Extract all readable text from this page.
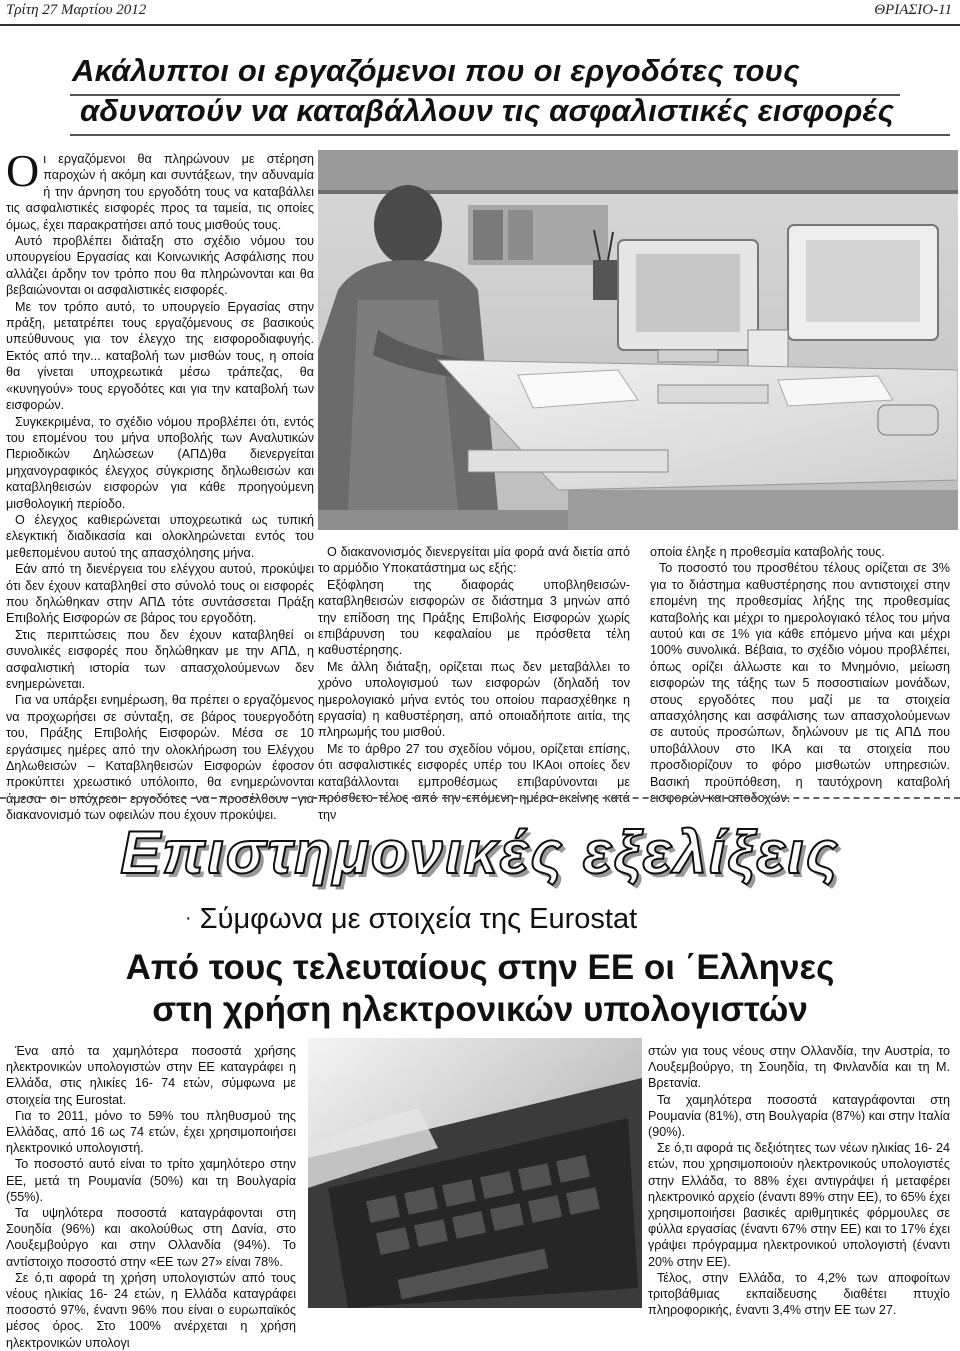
Τρίτη 27 Μαρτίου 2012	ΘΡΙΑΣΙΟ-11
Ακάλυπτοι οι εργαζόμενοι που οι εργοδότες τους
αδυνατούν να καταβάλλουν τις ασφαλιστικές εισφορές

Oι εργαζόμενοι θα πληρώνουν με στέρηση παροχών ή ακόμη και συντάξεων, την αδυναμία ή την άρνηση του εργοδότη τους να καταβάλλει τις ασφαλιστικές εισφορές προς τα ταμεία, τις οποίες όμως, έχει παρακρατήσει από τους μισθούς τους.

Αυτό προβλέπει διάταξη στο σχέδιο νόμου του υπουργείου Εργασίας και Κοινωνικής Ασφάλισης που αλλάζει άρδην τον τρόπο που θα πληρώνονται και θα βεβαιώνονται οι ασφαλιστικές εισφορές.

Με τον τρόπο αυτό, το υπουργείο Εργασίας στην πράξη, μετατρέπει τους εργαζόμενους σε βασικούς υπεύθυνους για τον έλεγχο της εισφοροδιαφυγής. Εκτός από την... καταβολή των μισθών τους, η οποία θα γίνεται υποχρεωτικά μέσω τράπεζας, θα «κυνηγούν» τους εργοδότες και για την καταβολή των εισφορών.

Συγκεκριμένα, το σχέδιο νόμου προβλέπει ότι, εντός του επομένου του μήνα υποβολής των Αναλυτικών Περιοδικών Δηλώσεων (ΑΠΔ)θα διενεργείται μηχανογραφικός έλεγχος σύγκρισης δηλωθεισών και καταβληθεισών εισφορών για κάθε προηγούμενη μισθολογική περίοδο.

Ο έλεγχος καθιερώνεται υποχρεωτικά ως τυπική ελεγκτική διαδικασία και ολοκληρώνεται εντός του μεθεπομένου αυτού της απασχόλησης μήνα.

Εάν από τη διενέργεια του ελέγχου αυτού, προκύψει ότι δεν έχουν καταβληθεί στο σύνολό τους οι εισφορές που δηλώθηκαν στην ΑΠΔ τότε συντάσσεται Πράξη Επιβολής Εισφορών σε βάρος του εργοδότη.

Στις περιπτώσεις που δεν έχουν καταβληθεί οι συνολικές εισφορές που δηλώθηκαν με την ΑΠΔ, η ασφαλιστική ιστορία των απασχολούμενων δεν ενημερώνεται.

Για να υπάρξει ενημέρωση, θα πρέπει ο εργαζόμενος να προχωρήσει σε σύνταξη, σε βάρος τουεργοδότη του, Πράξης Επιβολής Εισφορών. Μέσα σε 10 εργάσιμες ημέρες από την ολοκλήρωση του Ελέγχου Δηλωθεισών – Καταβληθεισών Εισφορών έφοσον προκύπτει χρεωστικό υπόλοιπο, θα ενημερώνονται άμεσα οι υπόχρεοι εργοδότες να προσέλθουν για διακανονισμό των οφειλών που έχουν προκύψει.

Ο διακανονισμός διενεργείται μία φορά ανά διετία από το αρμόδιο Υποκατάστημα ως εξής:

Εξόφληση της διαφοράς υποβληθεισών-καταβληθεισών εισφορών σε διάστημα 3 μηνών από την επίδοση της Πράξης Επιβολής Εισφορών χωρίς επιβάρυνση του κεφαλαίου με πρόσθετα τέλη καθυστέρησης.

Με άλλη διάταξη, ορίζεται πως δεν μεταβάλλει το χρόνο υπολογισμού των εισφορών (δηλαδή τον ημερολογιακό μήνα εντός του οποίου παρασχέθηκε η εργασία) η καθυστέρηση, από οποιαδήποτε αιτία, της πληρωμής του μισθού.

Με το άρθρο 27 του σχεδίου νόμου, ορίζεται επίσης, ότι ασφαλιστικές εισφορές υπέρ του ΙΚΑοι οποίες δεν καταβάλλονται εμπροθέσμως επιβαρύνονται με πρόσθετο τέλος από την επόμενη ημέρα εκείνης κατά την

οποία έληξε η προθεσμία καταβολής τους.

Το ποσοστό του προσθέτου τέλους ορίζεται σε 3% για το διάστημα καθυστέρησης που αντιστοιχεί στην επομένη της προθεσμίας λήξης της προθεσμίας καταβολής και μέχρι το ημερολογιακό τέλος του μήνα αυτού και σε 1% για κάθε επόμενο μήνα και μέχρι 100% συνολικά. Βέβαια, το σχέδιο νόμου προβλέπει, όπως ορίζει άλλωστε και το Μνημόνιο, μείωση εισφορών της τάξης των 5 ποσοστιαίων μονάδων, στους εργοδότες που μαζί με τα στοιχεία απασχόλησης και ασφάλισης των απασχολούμενων σε αυτούς προσώπων, δηλώνουν με τις ΑΠΔ που υποβάλλουν στο ΙΚΑ και τα στοιχεία που προσδιορίζουν το φόρο μισθωτών υπηρεσιών. Βασική προϋπόθεση, η ταυτόχρονη καταβολή εισφορών και αποδοχών.

Επιστημονικές εξελίξεις
· Σύμφωνα με στοιχεία της Eurostat
Από τους τελευταίους στην ΕΕ οι ΄Ελληνες
στη χρήση ηλεκτρονικών υπολογιστών

Ένα από τα χαμηλότερα ποσοστά χρήσης ηλεκτρονικών υπολογιστών στην ΕΕ καταγράφει η Ελλάδα, στις ηλικίες 16- 74 ετών, σύμφωνα με στοιχεία της Eurostat.

Για το 2011, μόνο το 59% του πληθυσμού της Ελλάδας, από 16 ως 74 ετών, έχει χρησιμοποιήσει ηλεκτρονικό υπολογιστή.

Το ποσοστό αυτό είναι το τρίτο χαμηλότερο στην ΕΕ, μετά τη Ρουμανία (50%) και τη Βουλγαρία (55%).

Τα υψηλότερα ποσοστά καταγράφονται στη Σουηδία (96%) και ακολούθως στη Δανία, στο Λουξεμβούργο και στην Ολλανδία (94%). Το αντίστοιχο ποσοστό στην «ΕΕ των 27» είναι 78%.

Σε ό,τι αφορά τη χρήση υπολογιστών από τους νέους ηλικίας 16- 24 ετών, η Ελλάδα καταγράφει ποσοστό 97%, έναντι 96% που είναι ο ευρωπαϊκός μέσος όρος. Στο 100% ανέρχεται η χρήση ηλεκτρονικών υπολογι

στών για τους νέους στην Ολλανδία, την Αυστρία, το Λουξεμβούργο, τη Σουηδία, τη Φινλανδία και τη Μ. Βρετανία.

Τα χαμηλότερα ποσοστά καταγράφονται στη Ρουμανία (81%), στη Βουλγαρία (87%) και στην Ιταλία (90%).

Σε ό,τι αφορά τις δεξιότητες των νέων ηλικίας 16- 24 ετών, που χρησιμοποιούν ηλεκτρονικούς υπολογιστές στην Ελλάδα, το 88% έχει αντιγράψει ή μεταφέρει ηλεκτρονικό αρχείο (έναντι 89% στην ΕΕ), το 65% έχει χρησιμοποιήσει βασικές αριθμητικές φόρμουλες σε φύλλα εργασίας (έναντι 67% στην ΕΕ) και το 17% έχει γράψει πρόγραμμα ηλεκτρονικού υπολογιστή (έναντι 20% στην ΕΕ).

Τέλος, στην Ελλάδα, το 4,2% των αποφοίτων τριτοβάθμιας εκπαίδευσης διαθέτει πτυχίο πληροφορικής, έναντι 3,4% στην ΕΕ των 27.
